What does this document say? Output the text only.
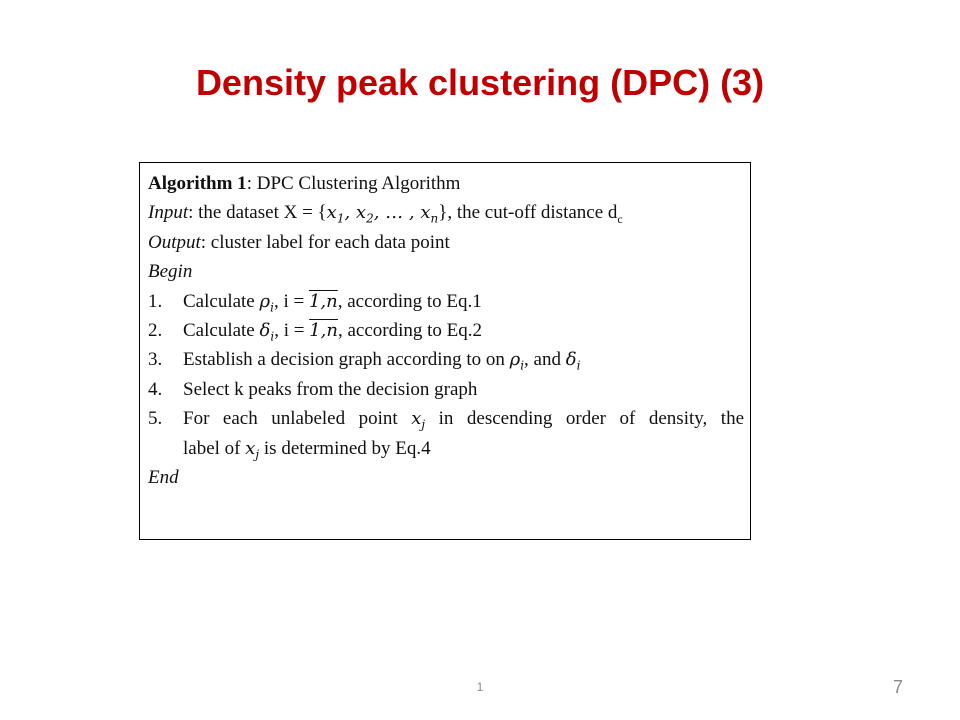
Density peak clustering (DPC) (3)
Algorithm 1: DPC Clustering Algorithm
Input: the dataset $X = \{x_1$, $x_2$, … , $x_n$}, the cut-off distance $d_c$
Output: cluster label for each data point
Begin
1. Calculate $\rho_i$, i = 1,n, according to Eq.1
2. Calculate $\delta_i$, i = 1,n, according to Eq.2
3. Establish a decision graph according to on $\rho_i$, and $\delta_i$
4. Select k peaks from the decision graph
5. For each unlabeled point $x_j$ in descending order of density, the
label of $x_j$ is determined by Eq.4
End
1	7
